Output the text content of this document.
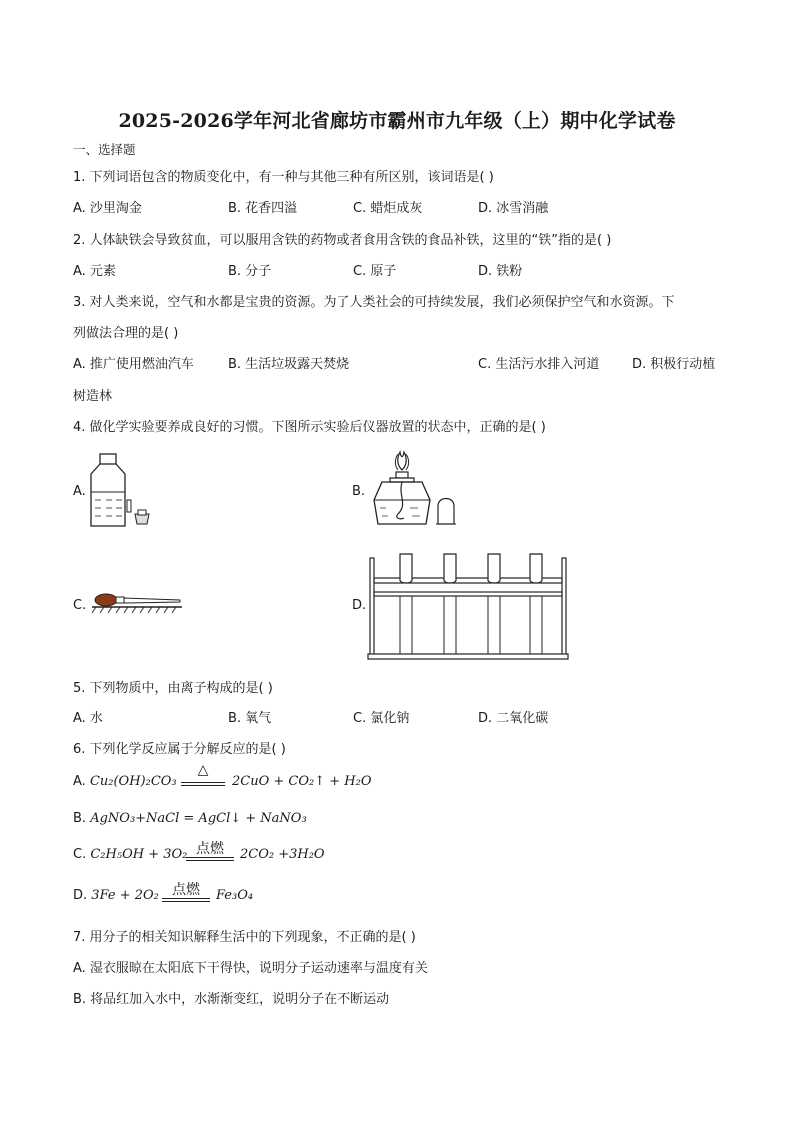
2025-2026学年河北省廊坊市霸州市九年级（上）期中化学试卷
一、选择题
1. 下列词语包含的物质变化中，有一种与其他三种有所区别，该词语是( )
A. 沙里淘金	B. 花香四溢	C. 蜡炬成灰	D. 冰雪消融
2. 人体缺铁会导致贫血，可以服用含铁的药物或者食用含铁的食品补铁，这里的“铁”指的是( )
A. 元素	B. 分子	C. 原子	D. 铁粉
3. 对人类来说，空气和水都是宝贵的资源。为了人类社会的可持续发展，我们必须保护空气和水资源。下
列做法合理的是( )
A. 推广使用燃油汽车	B. 生活垃圾露天焚烧	C. 生活污水排入河道	D. 积极行动植
树造林
4. 做化学实验要养成良好的习惯。下图所示实验后仪器放置的状态中，正确的是( )
A.	B.
C.	D.
5. 下列物质中，由离子构成的是( )
A. 水	B. 氧气	C. 氯化钠	D. 二氧化碳
6. 下列化学反应属于分解反应的是( )
A. Cu₂(OH)₂CO₃
△
2CuO + CO₂↑ + H₂O
B. AgNO₃+NaCl = AgCl↓ + NaNO₃
C. C₂H₅OH + 3O₂ 点燃	2CO₂ +3H₂O
D. 3Fe + 2O₂ 点燃	Fe₃O₄
7. 用分子的相关知识解释生活中的下列现象，不正确的是( )
A. 湿衣服晾在太阳底下干得快，说明分子运动速率与温度有关
B. 将品红加入水中，水渐渐变红，说明分子在不断运动
